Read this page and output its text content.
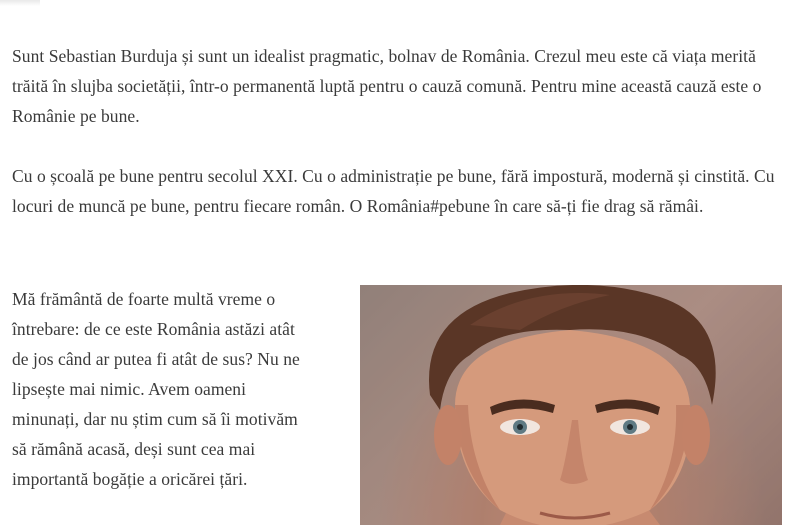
Sunt Sebastian Burduja și sunt un idealist pragmatic, bolnav de România. Crezul meu este că viața merită trăită în slujba societății, într-o permanentă luptă pentru o cauză comună. Pentru mine această cauză este o Românie pe bune.

Cu o școală pe bune pentru secolul XXI. Cu o administrație pe bune, fără impostură, modernă și cinstită. Cu locuri de muncă pe bune, pentru fiecare român. O România#pebune în care să-ți fie drag să rămâi.

Mă frământă de foarte multă vreme o întrebare: de ce este România astăzi atât de jos când ar putea fi atât de sus? Nu ne lipsește mai nimic. Avem oameni minunați, dar nu știm cum să îi motivăm să rămână acasă, deși sunt cea mai importantă bogăție a oricărei țări.
